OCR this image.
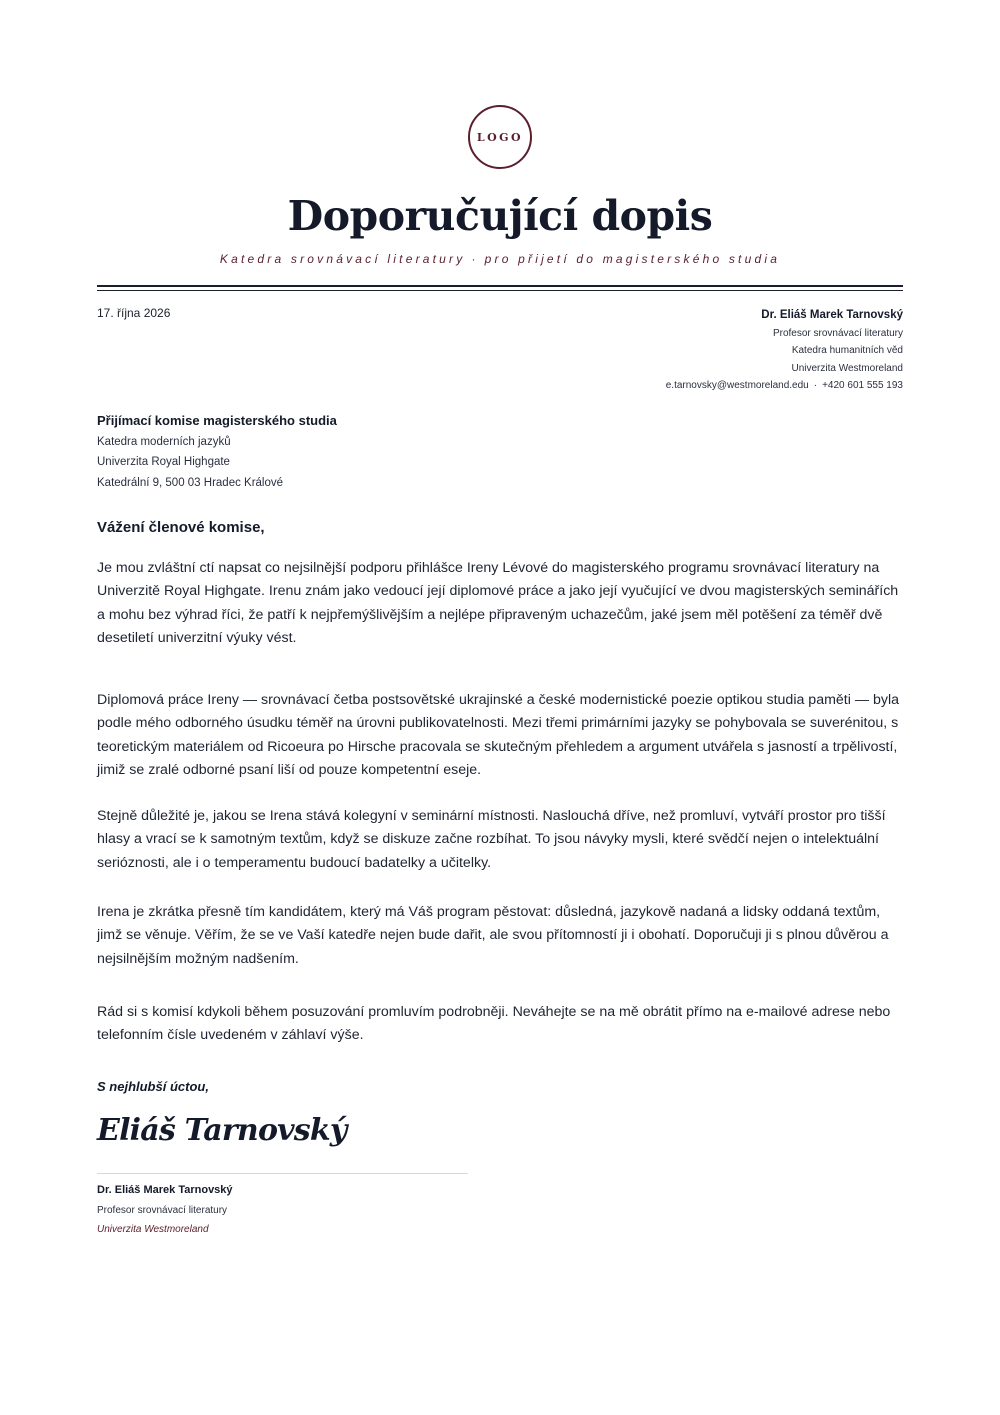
LOGO
Doporučující dopis
Katedra srovnávací literatury · pro přijetí do magisterského studia
17. října 2026	Dr. Eliáš Marek Tarnovský
Profesor srovnávací literatury
Katedra humanitních věd
Univerzita Westmoreland
e.tarnovsky@westmoreland.edu · +420 601 555 193
Přijímací komise magisterského studia
Katedra moderních jazyků
Univerzita Royal Highgate
Katedrální 9, 500 03 Hradec Králové
Vážení členové komise,

Je mou zvláštní ctí napsat co nejsilnější podporu přihlášce Ireny Lévové do magisterského programu srovnávací literatury na Univerzitě Royal Highgate. Irenu znám jako vedoucí její diplomové práce a jako její vyučující ve dvou magisterských seminářích a mohu bez výhrad říci, že patří k nejpřemýšlivějším a nejlépe připraveným uchazečům, jaké jsem měl potěšení za téměř dvě desetiletí univerzitní výuky vést.

Diplomová práce Ireny — srovnávací četba postsovětské ukrajinské a české modernistické poezie optikou studia paměti — byla podle mého odborného úsudku téměř na úrovni publikovatelnosti. Mezi třemi primárními jazyky se pohybovala se suverénitou, s teoretickým materiálem od Ricoeura po Hirsche pracovala se skutečným přehledem a argument utvářela s jasností a trpělivostí, jimiž se zralé odborné psaní liší od pouze kompetentní eseje.

Stejně důležité je, jakou se Irena stává kolegyní v seminární místnosti. Naslouchá dříve, než promluví, vytváří prostor pro tišší hlasy a vrací se k samotným textům, když se diskuze začne rozbíhat. To jsou návyky mysli, které svědčí nejen o intelektuální serióznosti, ale i o temperamentu budoucí badatelky a učitelky.

Irena je zkrátka přesně tím kandidátem, který má Váš program pěstovat: důsledná, jazykově nadaná a lidsky oddaná textům, jimž se věnuje. Věřím, že se ve Vaší katedře nejen bude dařit, ale svou přítomností ji i obohatí. Doporučuji ji s plnou důvěrou a nejsilnějším možným nadšením.

Rád si s komisí kdykoli během posuzování promluvím podrobněji. Neváhejte se na mě obrátit přímo na e-mailové adrese nebo telefonním čísle uvedeném v záhlaví výše.

S nejhlubší úctou,
Eliáš Tarnovský
Dr. Eliáš Marek Tarnovský
Profesor srovnávací literatury
Univerzita Westmoreland
